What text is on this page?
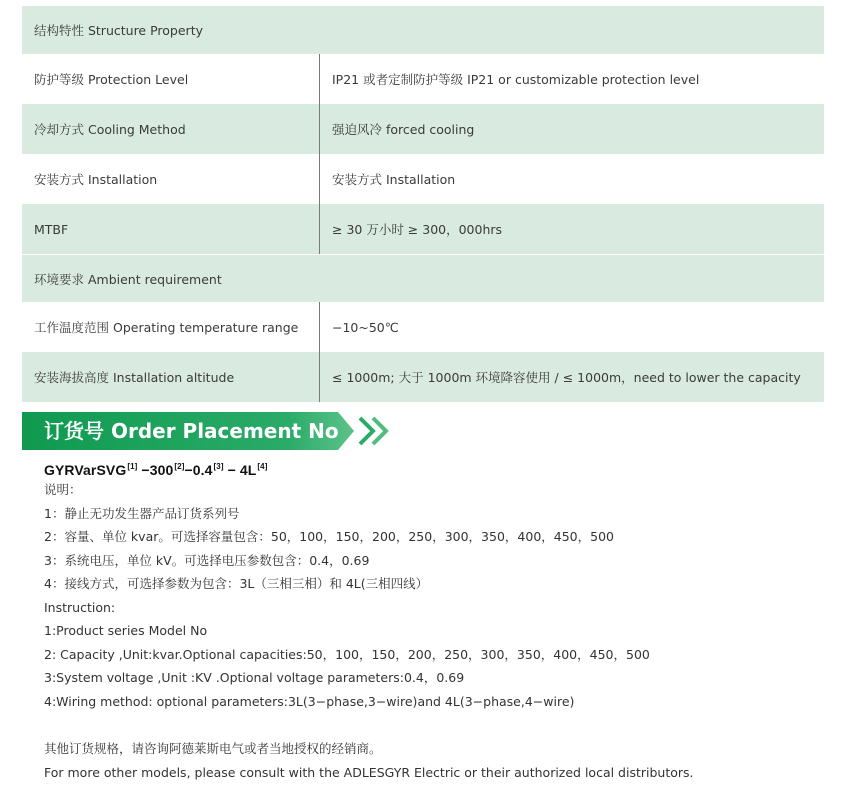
结构特性 Structure Property
防护等级 Protection Level	IP21 或者定制防护等级 IP21 or customizable protection level
冷却方式 Cooling Method	强迫风冷 forced cooling
安装方式 Installation	安装方式 Installation
MTBF	≥ 30 万小时 ≥ 300，000hrs
环境要求 Ambient requirement
工作温度范围 Operating temperature range	−10~50℃
安装海拔高度 Installation altitude	≤ 1000m; 大于 1000m 环境降容使用 / ≤ 1000m，need to lower the capacity
订货号 Order Placement No
GYRVarSVG[1] −300[2]−0.4[3] − 4L[4]
说明：
1：静止无功发生器产品订货系列号
2：容量、单位 kvar。可选择容量包含：50，100，150，200，250，300，350，400，450，500
3：系统电压，单位 kV。可选择电压参数包含：0.4，0.69
4：接线方式，可选择参数为包含：3L（三相三相）和 4L(三相四线）
Instruction:
1:Product series Model No
2: Capacity ,Unit:kvar.Optional capacities:50，100，150，200，250，300，350，400，450，500
3:System voltage ,Unit :KV .Optional voltage parameters:0.4，0.69
4:Wiring method: optional parameters:3L(3−phase,3−wire)and 4L(3−phase,4−wire)
其他订货规格，请咨询阿德莱斯电气或者当地授权的经销商。
For more other models, please consult with the ADLESGYR Electric or their authorized local distributors.
